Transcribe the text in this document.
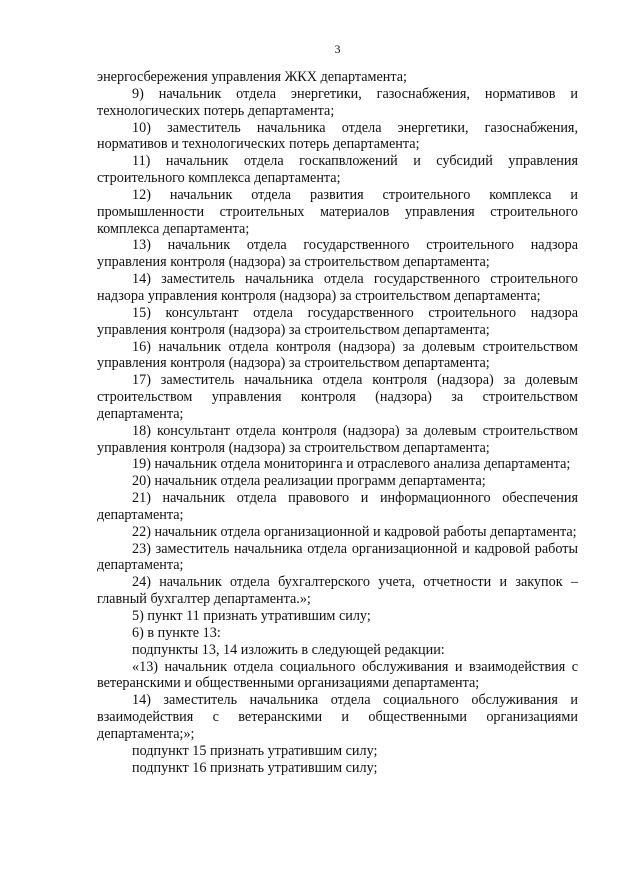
3

энергосбережения управления ЖКХ департамента;

9) начальник отдела энергетики, газоснабжения, нормативов и технологических потерь департамента;

10) заместитель начальника отдела энергетики, газоснабжения, нормативов и технологических потерь департамента;

11) начальник отдела госкапвложений и субсидий управления строительного комплекса департамента;

12) начальник отдела развития строительного комплекса и промышленности строительных материалов управления строительного комплекса департамента;

13) начальник отдела государственного строительного надзора управления контроля (надзора) за строительством департамента;

14) заместитель начальника отдела государственного строительного надзора управления контроля (надзора) за строительством департамента;

15) консультант отдела государственного строительного надзора управления контроля (надзора) за строительством департамента;

16) начальник отдела контроля (надзора) за долевым строительством управления контроля (надзора) за строительством департамента;

17) заместитель начальника отдела контроля (надзора) за долевым строительством управления контроля (надзора) за строительством департамента;

18) консультант отдела контроля (надзора) за долевым строительством управления контроля (надзора) за строительством департамента;

19) начальник отдела мониторинга и отраслевого анализа департамента;

20) начальник отдела реализации программ департамента;

21) начальник отдела правового и информационного обеспечения департамента;

22) начальник отдела организационной и кадровой работы департамента;

23) заместитель начальника отдела организационной и кадровой работы департамента;

24) начальник отдела бухгалтерского учета, отчетности и закупок – главный бухгалтер департамента.»;

5) пункт 11 признать утратившим силу;

6) в пункте 13:

подпункты 13, 14 изложить в следующей редакции:

«13) начальник отдела социального обслуживания и взаимодействия с ветеранскими и общественными организациями департамента;

14) заместитель начальника отдела социального обслуживания и взаимодействия с ветеранскими и общественными организациями департамента;»;

подпункт 15 признать утратившим силу;

подпункт 16 признать утратившим силу;
